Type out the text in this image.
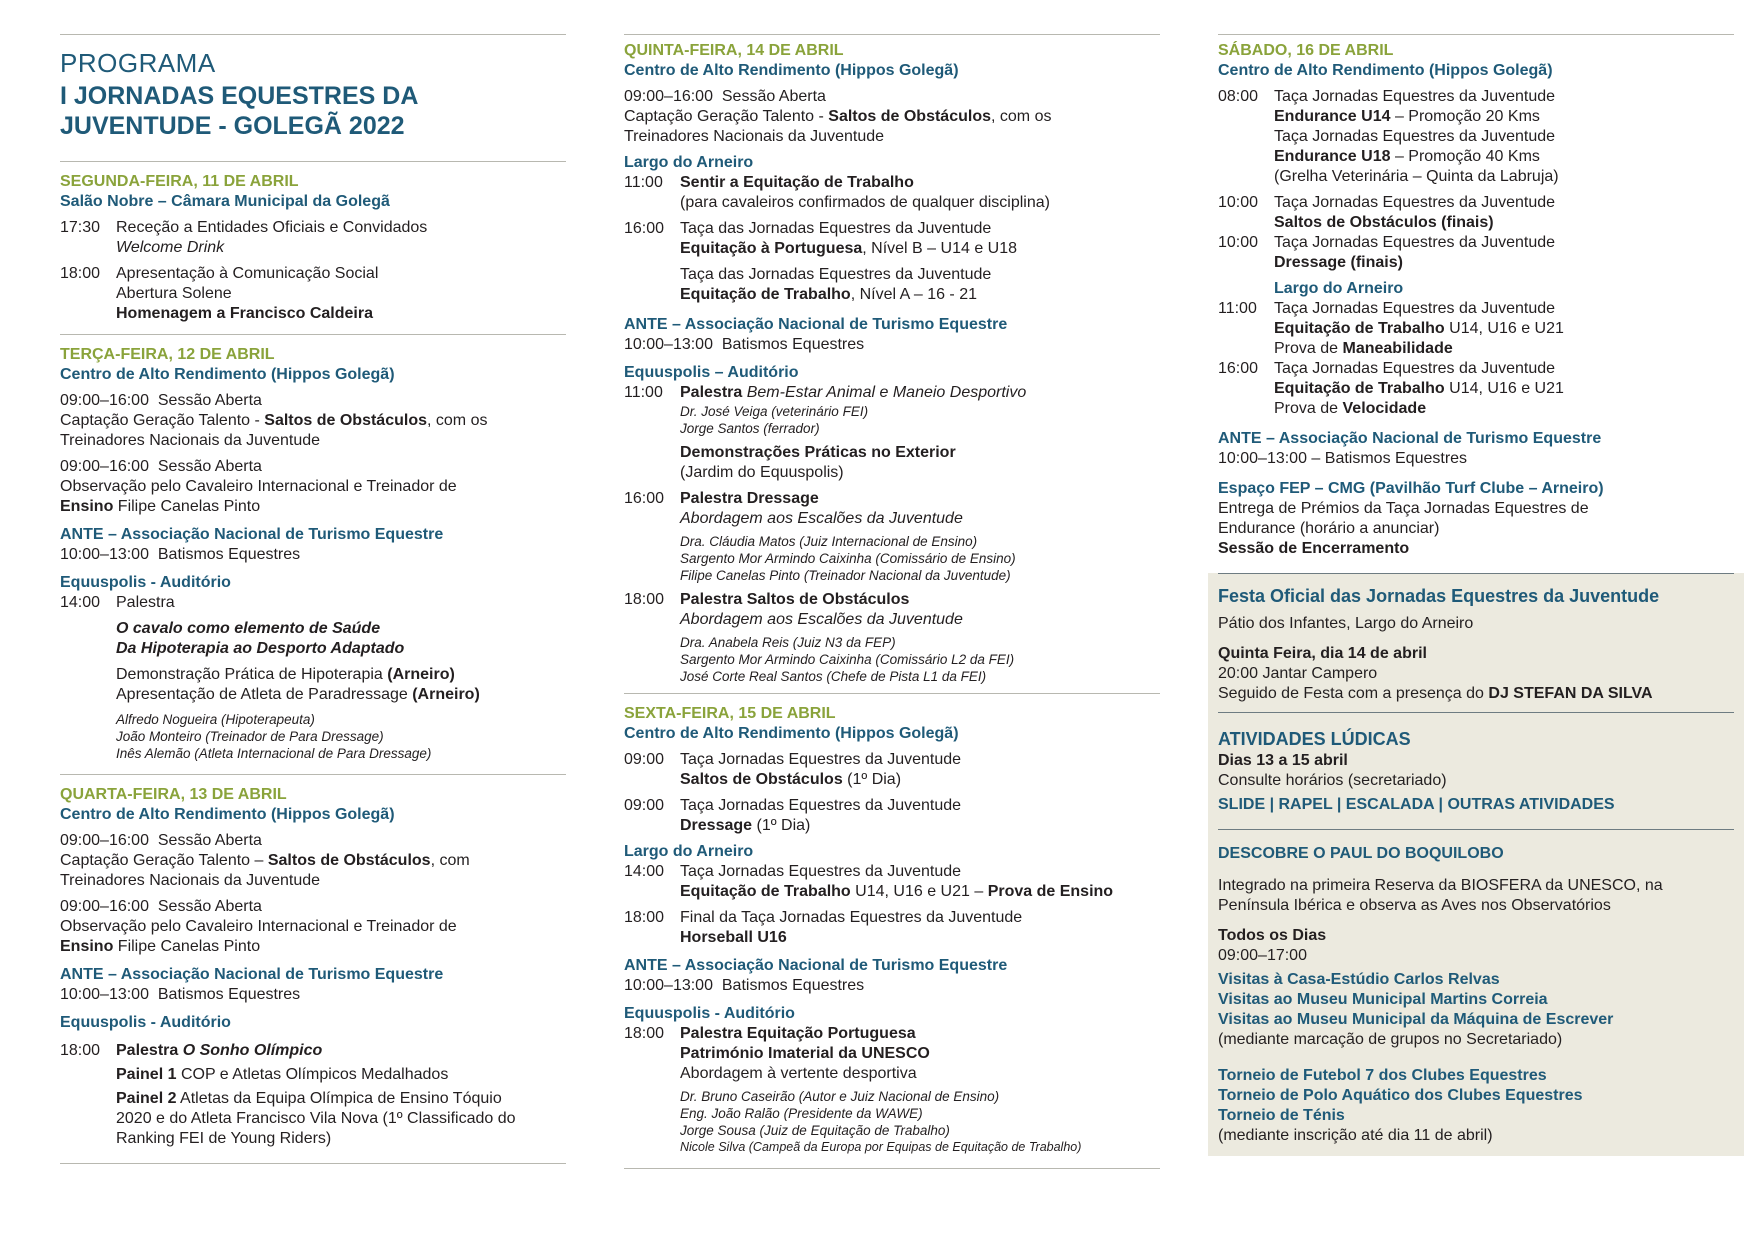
PROGRAMA
I JORNADAS EQUESTRES DA
JUVENTUDE - GOLEGÃ 2022
SEGUNDA-FEIRA, 11 DE ABRIL
Salão Nobre – Câmara Municipal da Golegã
17:30 Receção a Entidades Oficiais e Convidados
Welcome Drink
18:00 Apresentação à Comunicação Social
Abertura Solene
Homenagem a Francisco Caldeira
TERÇA-FEIRA, 12 DE ABRIL
Centro de Alto Rendimento (Hippos Golegã)
09:00–16:00 Sessão Aberta
Captação Geração Talento - Saltos de Obstáculos, com os
Treinadores Nacionais da Juventude
09:00–16:00 Sessão Aberta
Observação pelo Cavaleiro Internacional e Treinador de
Ensino Filipe Canelas Pinto
ANTE – Associação Nacional de Turismo Equestre
10:00–13:00 Batismos Equestres
Equuspolis - Auditório
14:00 Palestra
O cavalo como elemento de Saúde
Da Hipoterapia ao Desporto Adaptado
Demonstração Prática de Hipoterapia (Arneiro)
Apresentação de Atleta de Paradressage (Arneiro)
Alfredo Nogueira (Hipoterapeuta)
João Monteiro (Treinador de Para Dressage)
Inês Alemão (Atleta Internacional de Para Dressage)
QUARTA-FEIRA, 13 DE ABRIL
Centro de Alto Rendimento (Hippos Golegã)
09:00–16:00 Sessão Aberta
Captação Geração Talento – Saltos de Obstáculos, com
Treinadores Nacionais da Juventude
09:00–16:00 Sessão Aberta
Observação pelo Cavaleiro Internacional e Treinador de
Ensino Filipe Canelas Pinto
ANTE – Associação Nacional de Turismo Equestre
10:00–13:00 Batismos Equestres
Equuspolis - Auditório
18:00 Palestra O Sonho Olímpico
Painel 1 COP e Atletas Olímpicos Medalhados
Painel 2 Atletas da Equipa Olímpica de Ensino Tóquio
2020 e do Atleta Francisco Vila Nova (1º Classificado do
Ranking FEI de Young Riders)
QUINTA-FEIRA, 14 DE ABRIL
Centro de Alto Rendimento (Hippos Golegã)
09:00–16:00 Sessão Aberta
Captação Geração Talento - Saltos de Obstáculos, com os
Treinadores Nacionais da Juventude
Largo do Arneiro
11:00	Sentir a Equitação de Trabalho
(para cavaleiros confirmados de qualquer disciplina)
16:00 Taça das Jornadas Equestres da Juventude
Equitação à Portuguesa, Nível B – U14 e U18
Taça das Jornadas Equestres da Juventude
Equitação de Trabalho, Nível A – 16 - 21
ANTE – Associação Nacional de Turismo Equestre
10:00–13:00 Batismos Equestres
Equuspolis – Auditório
11:00	Palestra Bem-Estar Animal e Maneio Desportivo
Dr. José Veiga (veterinário FEI)
Jorge Santos (ferrador)
Demonstrações Práticas no Exterior
(Jardim do Equuspolis)
16:00 Palestra Dressage
Abordagem aos Escalões da Juventude
Dra. Cláudia Matos (Juiz Internacional de Ensino)
Sargento Mor Armindo Caixinha (Comissário de Ensino)
Filipe Canelas Pinto (Treinador Nacional da Juventude)
18:00 Palestra Saltos de Obstáculos
Abordagem aos Escalões da Juventude
Dra. Anabela Reis (Juiz N3 da FEP)
Sargento Mor Armindo Caixinha (Comissário L2 da FEI)
José Corte Real Santos (Chefe de Pista L1 da FEI)
SEXTA-FEIRA, 15 DE ABRIL
Centro de Alto Rendimento (Hippos Golegã)
09:00 Taça Jornadas Equestres da Juventude
Saltos de Obstáculos (1º Dia)
09:00 Taça Jornadas Equestres da Juventude
Dressage (1º Dia)
Largo do Arneiro
14:00 Taça Jornadas Equestres da Juventude
Equitação de Trabalho U14, U16 e U21 – Prova de Ensino
18:00 Final da Taça Jornadas Equestres da Juventude
Horseball U16
ANTE – Associação Nacional de Turismo Equestre
10:00–13:00 Batismos Equestres
Equuspolis - Auditório
18:00 Palestra Equitação Portuguesa
Património Imaterial da UNESCO
Abordagem à vertente desportiva
Dr. Bruno Caseirão (Autor e Juiz Nacional de Ensino)
Eng. João Ralão (Presidente da WAWE)
Jorge Sousa (Juiz de Equitação de Trabalho)
Nicole Silva (Campeã da Europa por Equipas de Equitação de Trabalho)
SÁBADO, 16 DE ABRIL
Centro de Alto Rendimento (Hippos Golegã)
08:00 Taça Jornadas Equestres da Juventude
Endurance U14 – Promoção 20 Kms
Taça Jornadas Equestres da Juventude
Endurance U18 – Promoção 40 Kms
(Grelha Veterinária – Quinta da Labruja)
10:00 Taça Jornadas Equestres da Juventude
Saltos de Obstáculos (finais)
10:00 Taça Jornadas Equestres da Juventude
Dressage (finais)
Largo do Arneiro
11:00	Taça Jornadas Equestres da Juventude
Equitação de Trabalho U14, U16 e U21
Prova de Maneabilidade
16:00 Taça Jornadas Equestres da Juventude
Equitação de Trabalho U14, U16 e U21
Prova de Velocidade
ANTE – Associação Nacional de Turismo Equestre
10:00–13:00 – Batismos Equestres
Espaço FEP – CMG (Pavilhão Turf Clube – Arneiro)
Entrega de Prémios da Taça Jornadas Equestres de
Endurance (horário a anunciar)
Sessão de Encerramento
Festa Oficial das Jornadas Equestres da Juventude
Pátio dos Infantes, Largo do Arneiro
Quinta Feira, dia 14 de abril
20:00 Jantar Campero
Seguido de Festa com a presença do DJ STEFAN DA SILVA
ATIVIDADES LÚDICAS
Dias 13 a 15 abril
Consulte horários (secretariado)
SLIDE | RAPEL | ESCALADA | OUTRAS ATIVIDADES
DESCOBRE O PAUL DO BOQUILOBO
Integrado na primeira Reserva da BIOSFERA da UNESCO, na
Península Ibérica e observa as Aves nos Observatórios
Todos os Dias
09:00–17:00
Visitas à Casa-Estúdio Carlos Relvas
Visitas ao Museu Municipal Martins Correia
Visitas ao Museu Municipal da Máquina de Escrever
(mediante marcação de grupos no Secretariado)
Torneio de Futebol 7 dos Clubes Equestres
Torneio de Polo Aquático dos Clubes Equestres
Torneio de Ténis
(mediante inscrição até dia 11 de abril)
